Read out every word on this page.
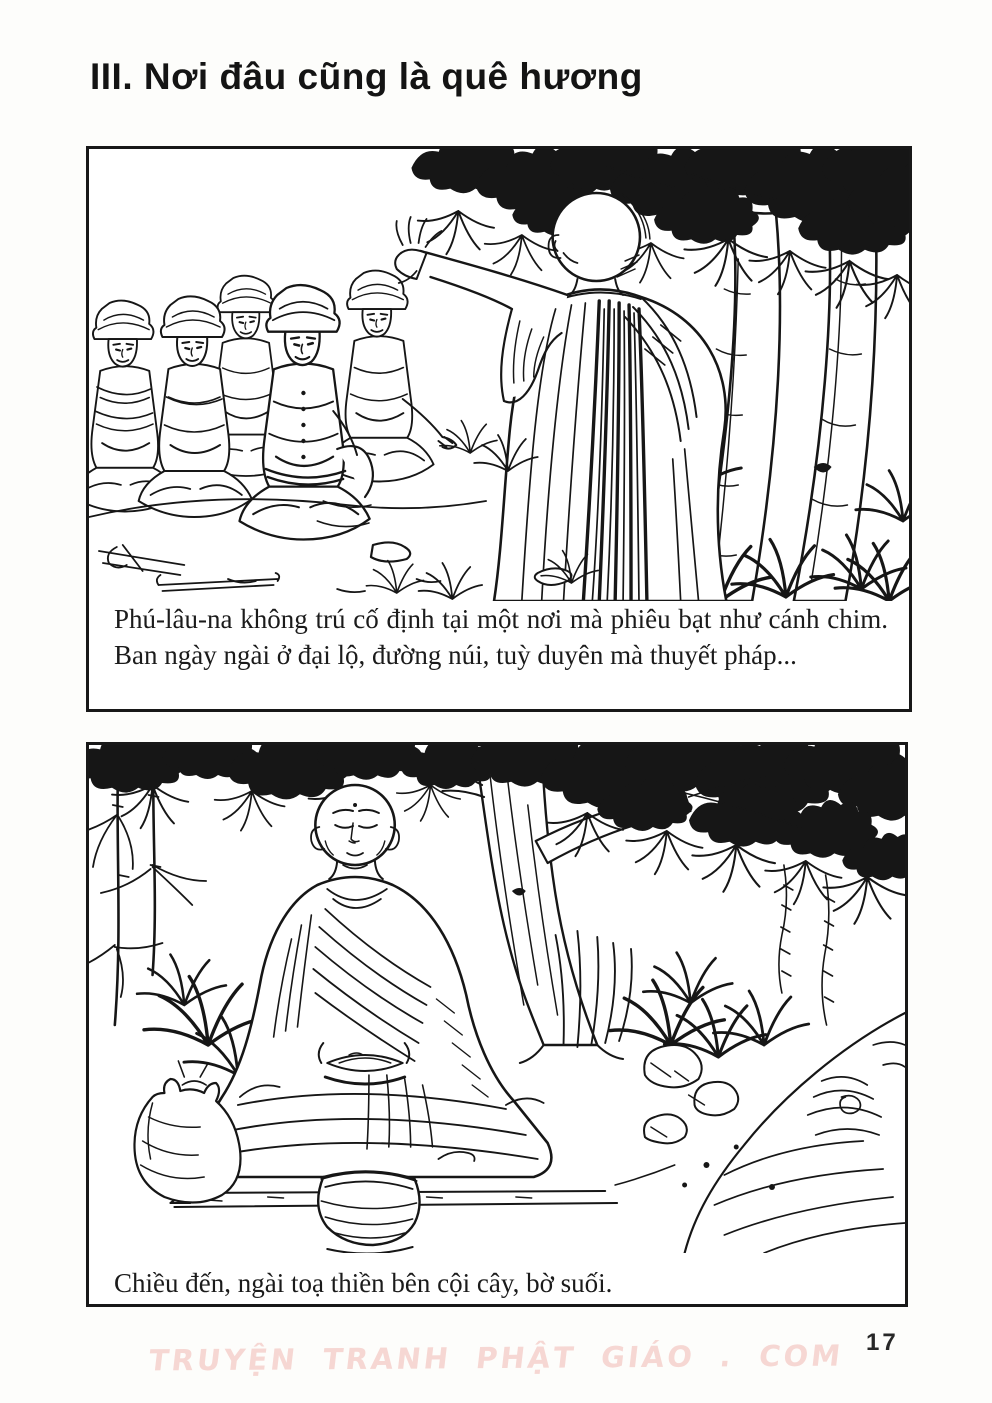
III. Nơi đâu cũng là quê hương

Phú-lâu-na không trú cố định tại một nơi mà phiêu bạt như cánh chim. Ban ngày ngài ở đại lộ, đường núi, tuỳ duyên mà thuyết pháp...

Chiều đến, ngài toạ thiền bên cội cây, bờ suối.

TRUYỆN TRANH PHẬT GIÁO . COM 17
